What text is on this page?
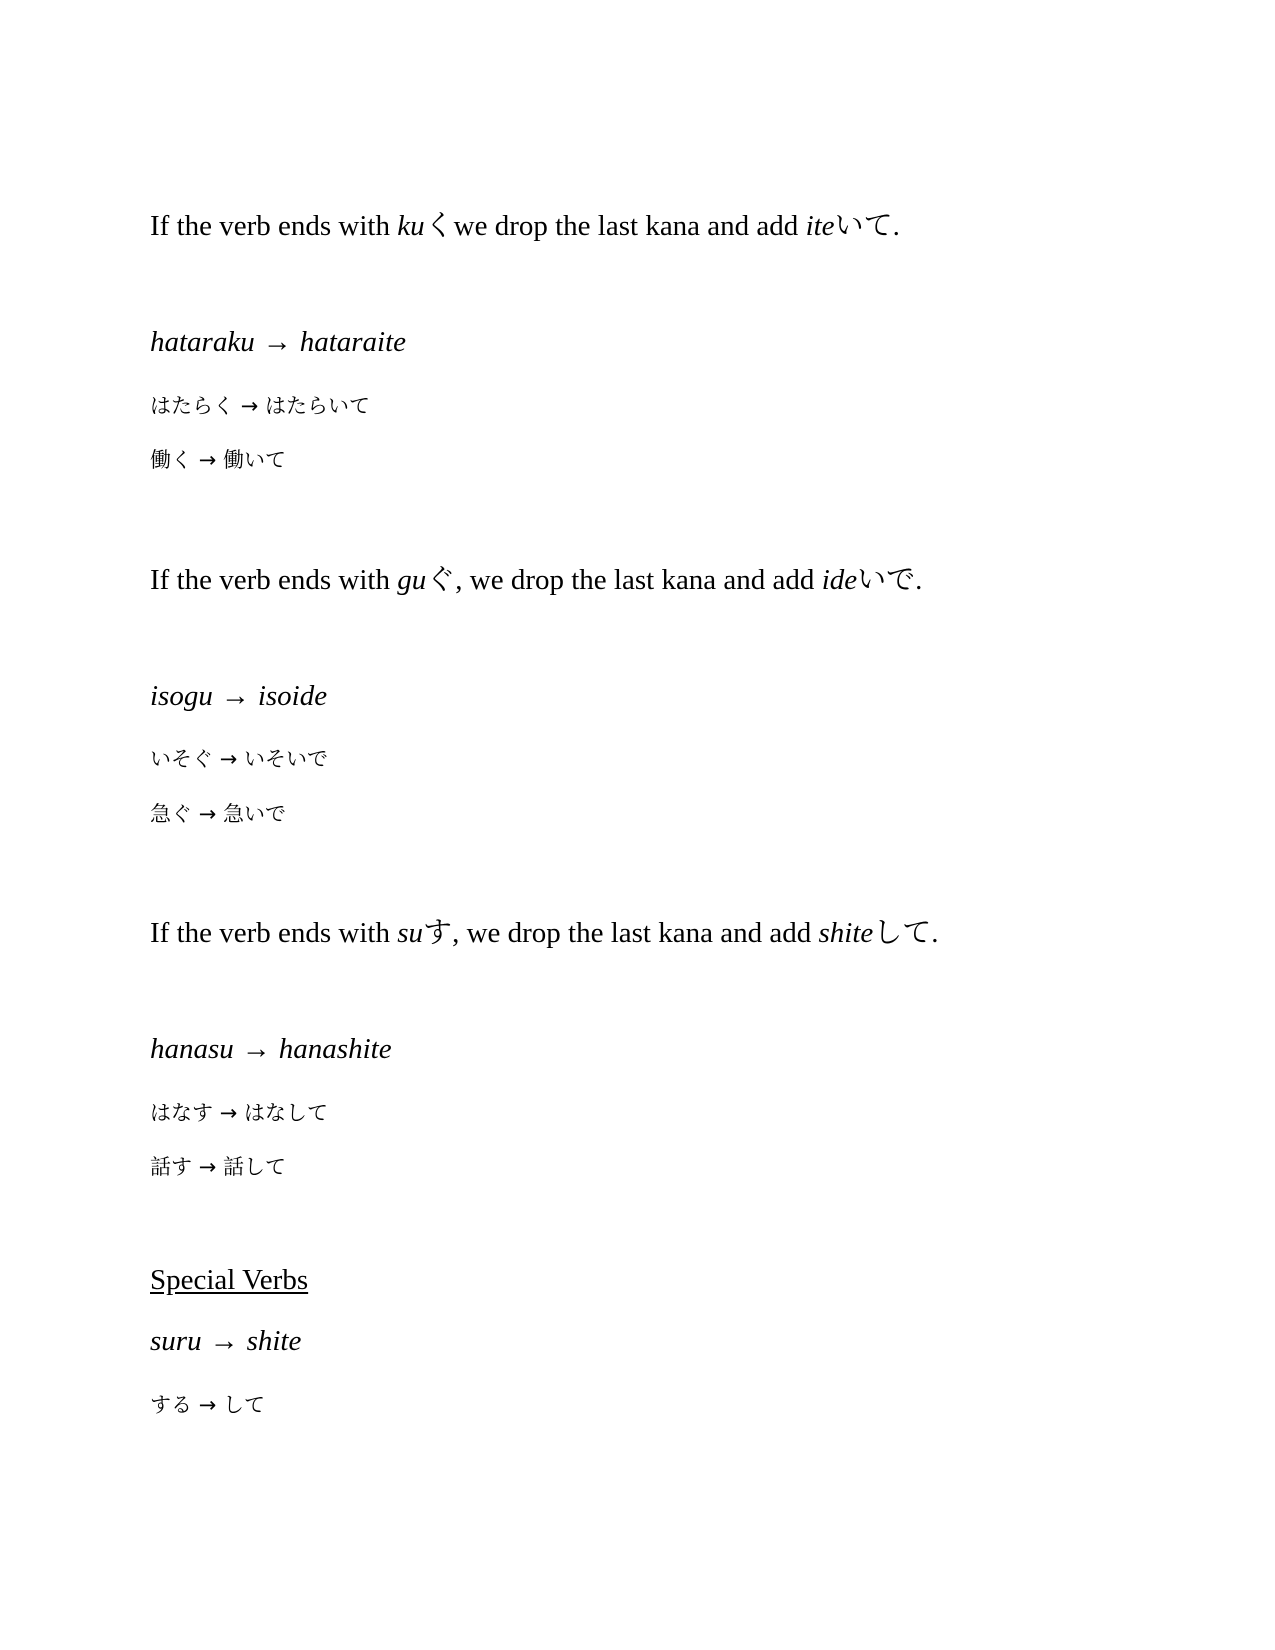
If the verb ends with kuくwe drop the last kana and add iteいて.
hataraku → hataraite
はたらく → はたらいて
働く → 働いて
If the verb ends with guぐ, we drop the last kana and add ideいで.
isogu → isoide
いそぐ → いそいで
急ぐ → 急いで
If the verb ends with suす, we drop the last kana and add shiteして.
hanasu → hanashite
はなす → はなして
話す → 話して
Special Verbs
suru → shite
する → して
